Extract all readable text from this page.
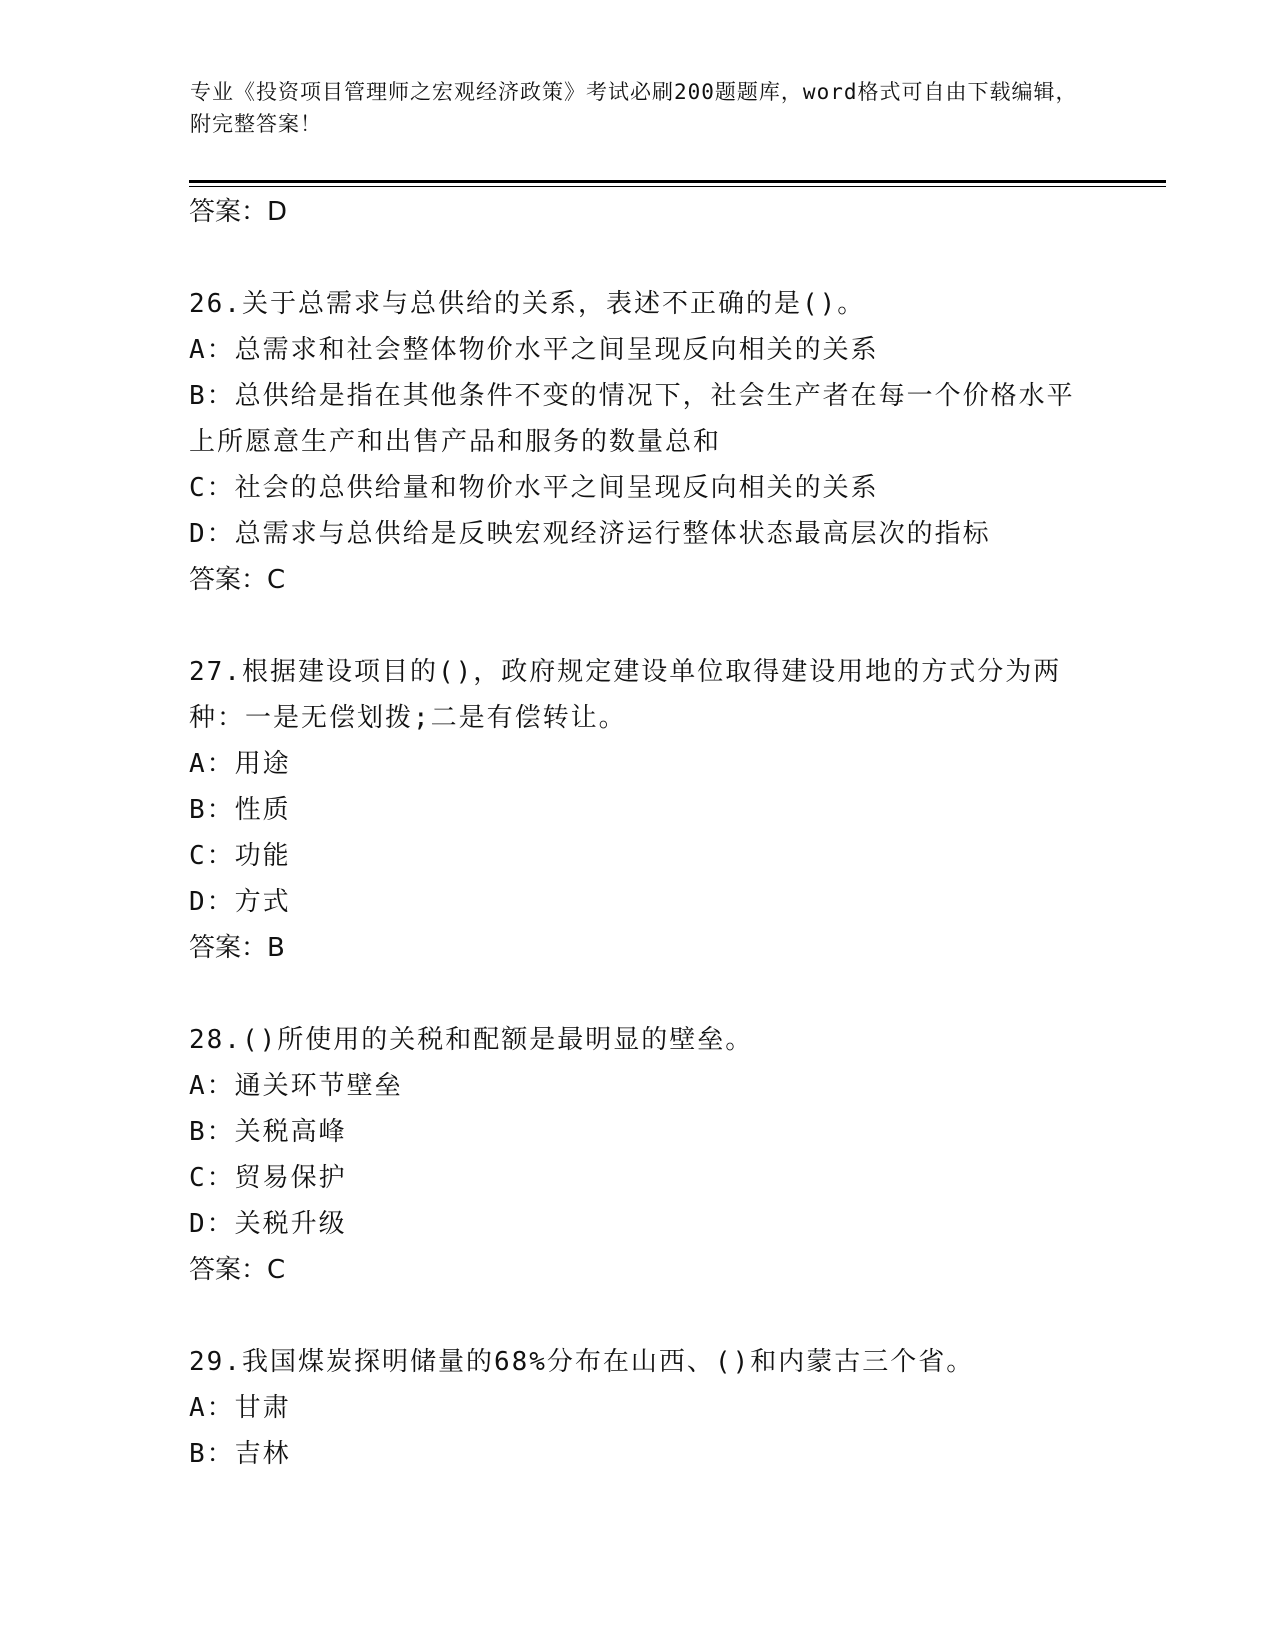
专业《投资项目管理师之宏观经济政策》考试必刷200题题库，word格式可自由下载编辑，附完整答案！
答案：D
26.关于总需求与总供给的关系，表述不正确的是()。
A：总需求和社会整体物价水平之间呈现反向相关的关系
B：总供给是指在其他条件不变的情况下，社会生产者在每一个价格水平上所愿意生产和出售产品和服务的数量总和
C：社会的总供给量和物价水平之间呈现反向相关的关系
D：总需求与总供给是反映宏观经济运行整体状态最高层次的指标
答案：C
27.根据建设项目的()，政府规定建设单位取得建设用地的方式分为两种：一是无偿划拨;二是有偿转让。
A：用途
B：性质
C：功能
D：方式
答案：B
28.()所使用的关税和配额是最明显的壁垒。
A：通关环节壁垒
B：关税高峰
C：贸易保护
D：关税升级
答案：C
29.我国煤炭探明储量的68%分布在山西、()和内蒙古三个省。
A：甘肃
B：吉林
